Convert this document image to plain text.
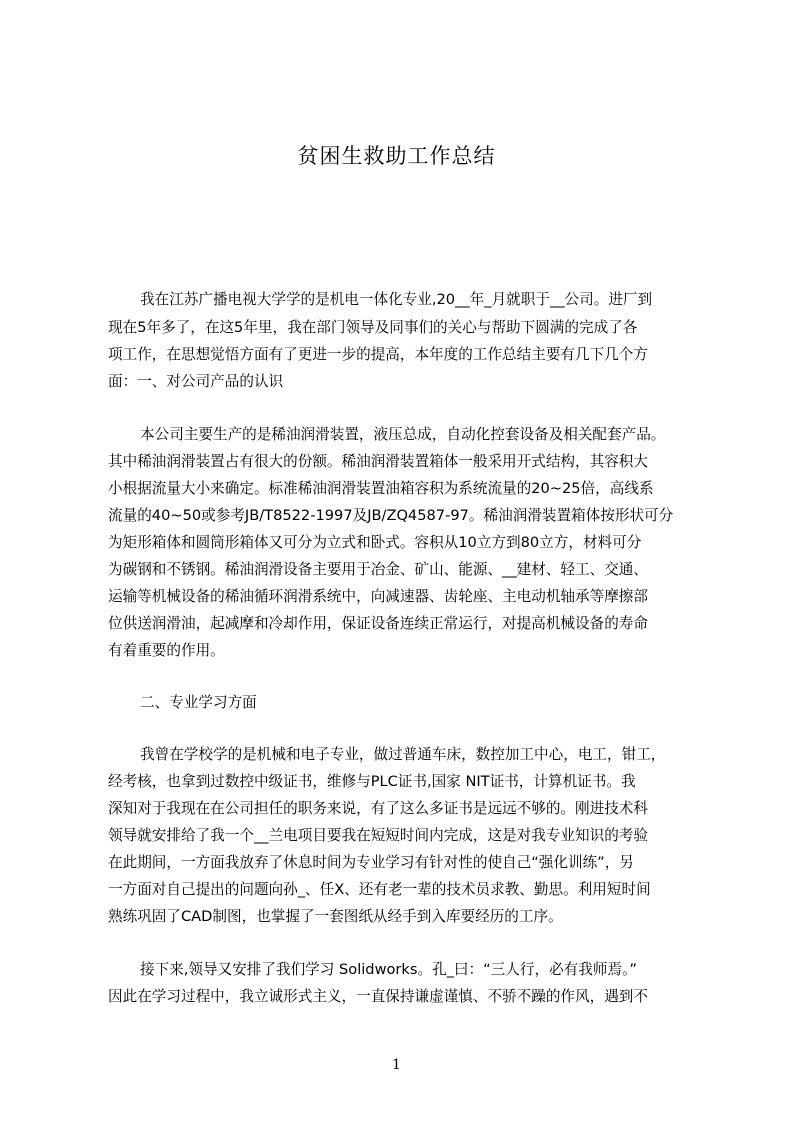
贫困生救助工作总结

我在江苏广播电视大学学的是机电一体化专业,20__年_月就职于__公司。进厂到

现在5年多了，在这5年里，我在部门领导及同事们的关心与帮助下圆满的完成了各

项工作，在思想觉悟方面有了更进一步的提高，本年度的工作总结主要有几下几个方

面：一、对公司产品的认识

本公司主要生产的是稀油润滑装置，液压总成，自动化控套设备及相关配套产品。

其中稀油润滑装置占有很大的份额。稀油润滑装置箱体一般采用开式结构，其容积大

小根据流量大小来确定。标准稀油润滑装置油箱容积为系统流量的20~25倍，高线系

流量的40~50或参考JB/T8522-1997及JB/ZQ4587-97。稀油润滑装置箱体按形状可分

为矩形箱体和圆筒形箱体又可分为立式和卧式。容积从10立方到80立方，材料可分

为碳钢和不锈钢。稀油润滑设备主要用于冶金、矿山、能源、__建材、轻工、交通、

运输等机械设备的稀油循环润滑系统中，向减速器、齿轮座、主电动机轴承等摩擦部

位供送润滑油，起减摩和冷却作用，保证设备连续正常运行，对提高机械设备的寿命

有着重要的作用。

二、专业学习方面

我曾在学校学的是机械和电子专业，做过普通车床，数控加工中心，电工，钳工，

经考核，也拿到过数控中级证书，维修与PLC证书,国家 NIT证书，计算机证书。我

深知对于我现在在公司担任的职务来说，有了这么多证书是远远不够的。刚进技术科

领导就安排给了我一个__兰电项目要我在短短时间内完成，这是对我专业知识的考验

在此期间，一方面我放弃了休息时间为专业学习有针对性的使自己“强化训练”，另

一方面对自己提出的问题向孙_、任X、还有老一辈的技术员求教、勤思。利用短时间

熟练巩固了CAD制图，也掌握了一套图纸从经手到入库要经历的工序。

接下来,领导又安排了我们学习 Solidworks。孔_曰：“三人行，必有我师焉。”

因此在学习过程中，我立诚形式主义，一直保持谦虚谨慎、不骄不躁的作风，遇到不

1
